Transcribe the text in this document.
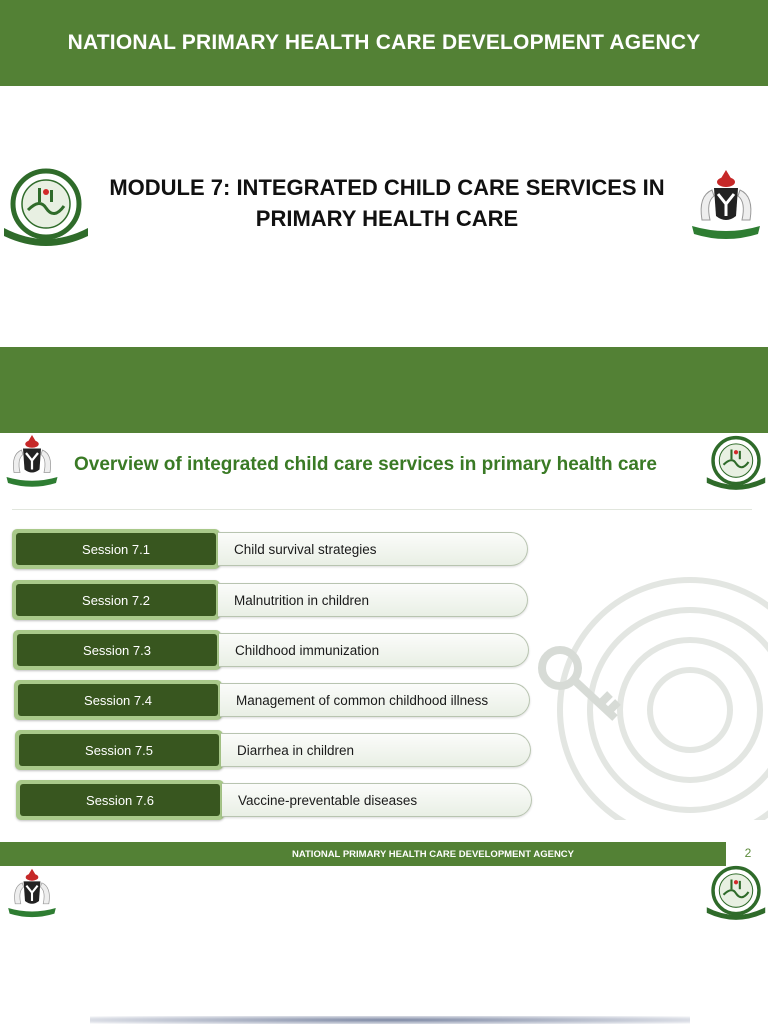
NATIONAL PRIMARY HEALTH CARE DEVELOPMENT AGENCY
MODULE 7: INTEGRATED CHILD CARE SERVICES IN
PRIMARY HEALTH CARE
Overview of integrated child care services in primary health care
Session 7.1	Child survival strategies
Session 7.2	Malnutrition in children
Session 7.3	Childhood immunization
Session 7.4	Management of common childhood illness
Session 7.5	Diarrhea in children
Session 7.6	Vaccine-preventable diseases
NATIONAL PRIMARY HEALTH CARE DEVELOPMENT AGENCY	2
